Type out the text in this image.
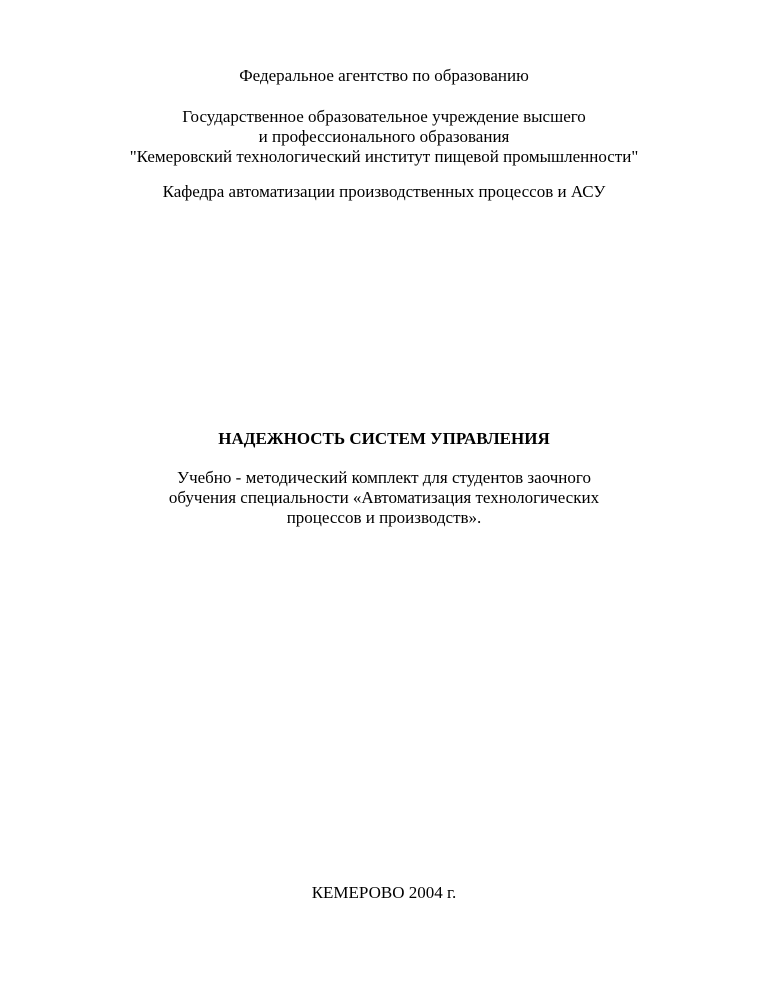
Федеральное агентство по образованию
Государственное образовательное учреждение высшего
и профессионального образования
"Кемеровский технологический институт пищевой промышленности"
Кафедра автоматизации производственных процессов и АСУ
НАДЕЖНОСТЬ СИСТЕМ УПРАВЛЕНИЯ
Учебно - методический комплект для студентов заочного
обучения специальности «Автоматизация технологических
процессов и производств».
КЕМЕРОВО 2004 г.
